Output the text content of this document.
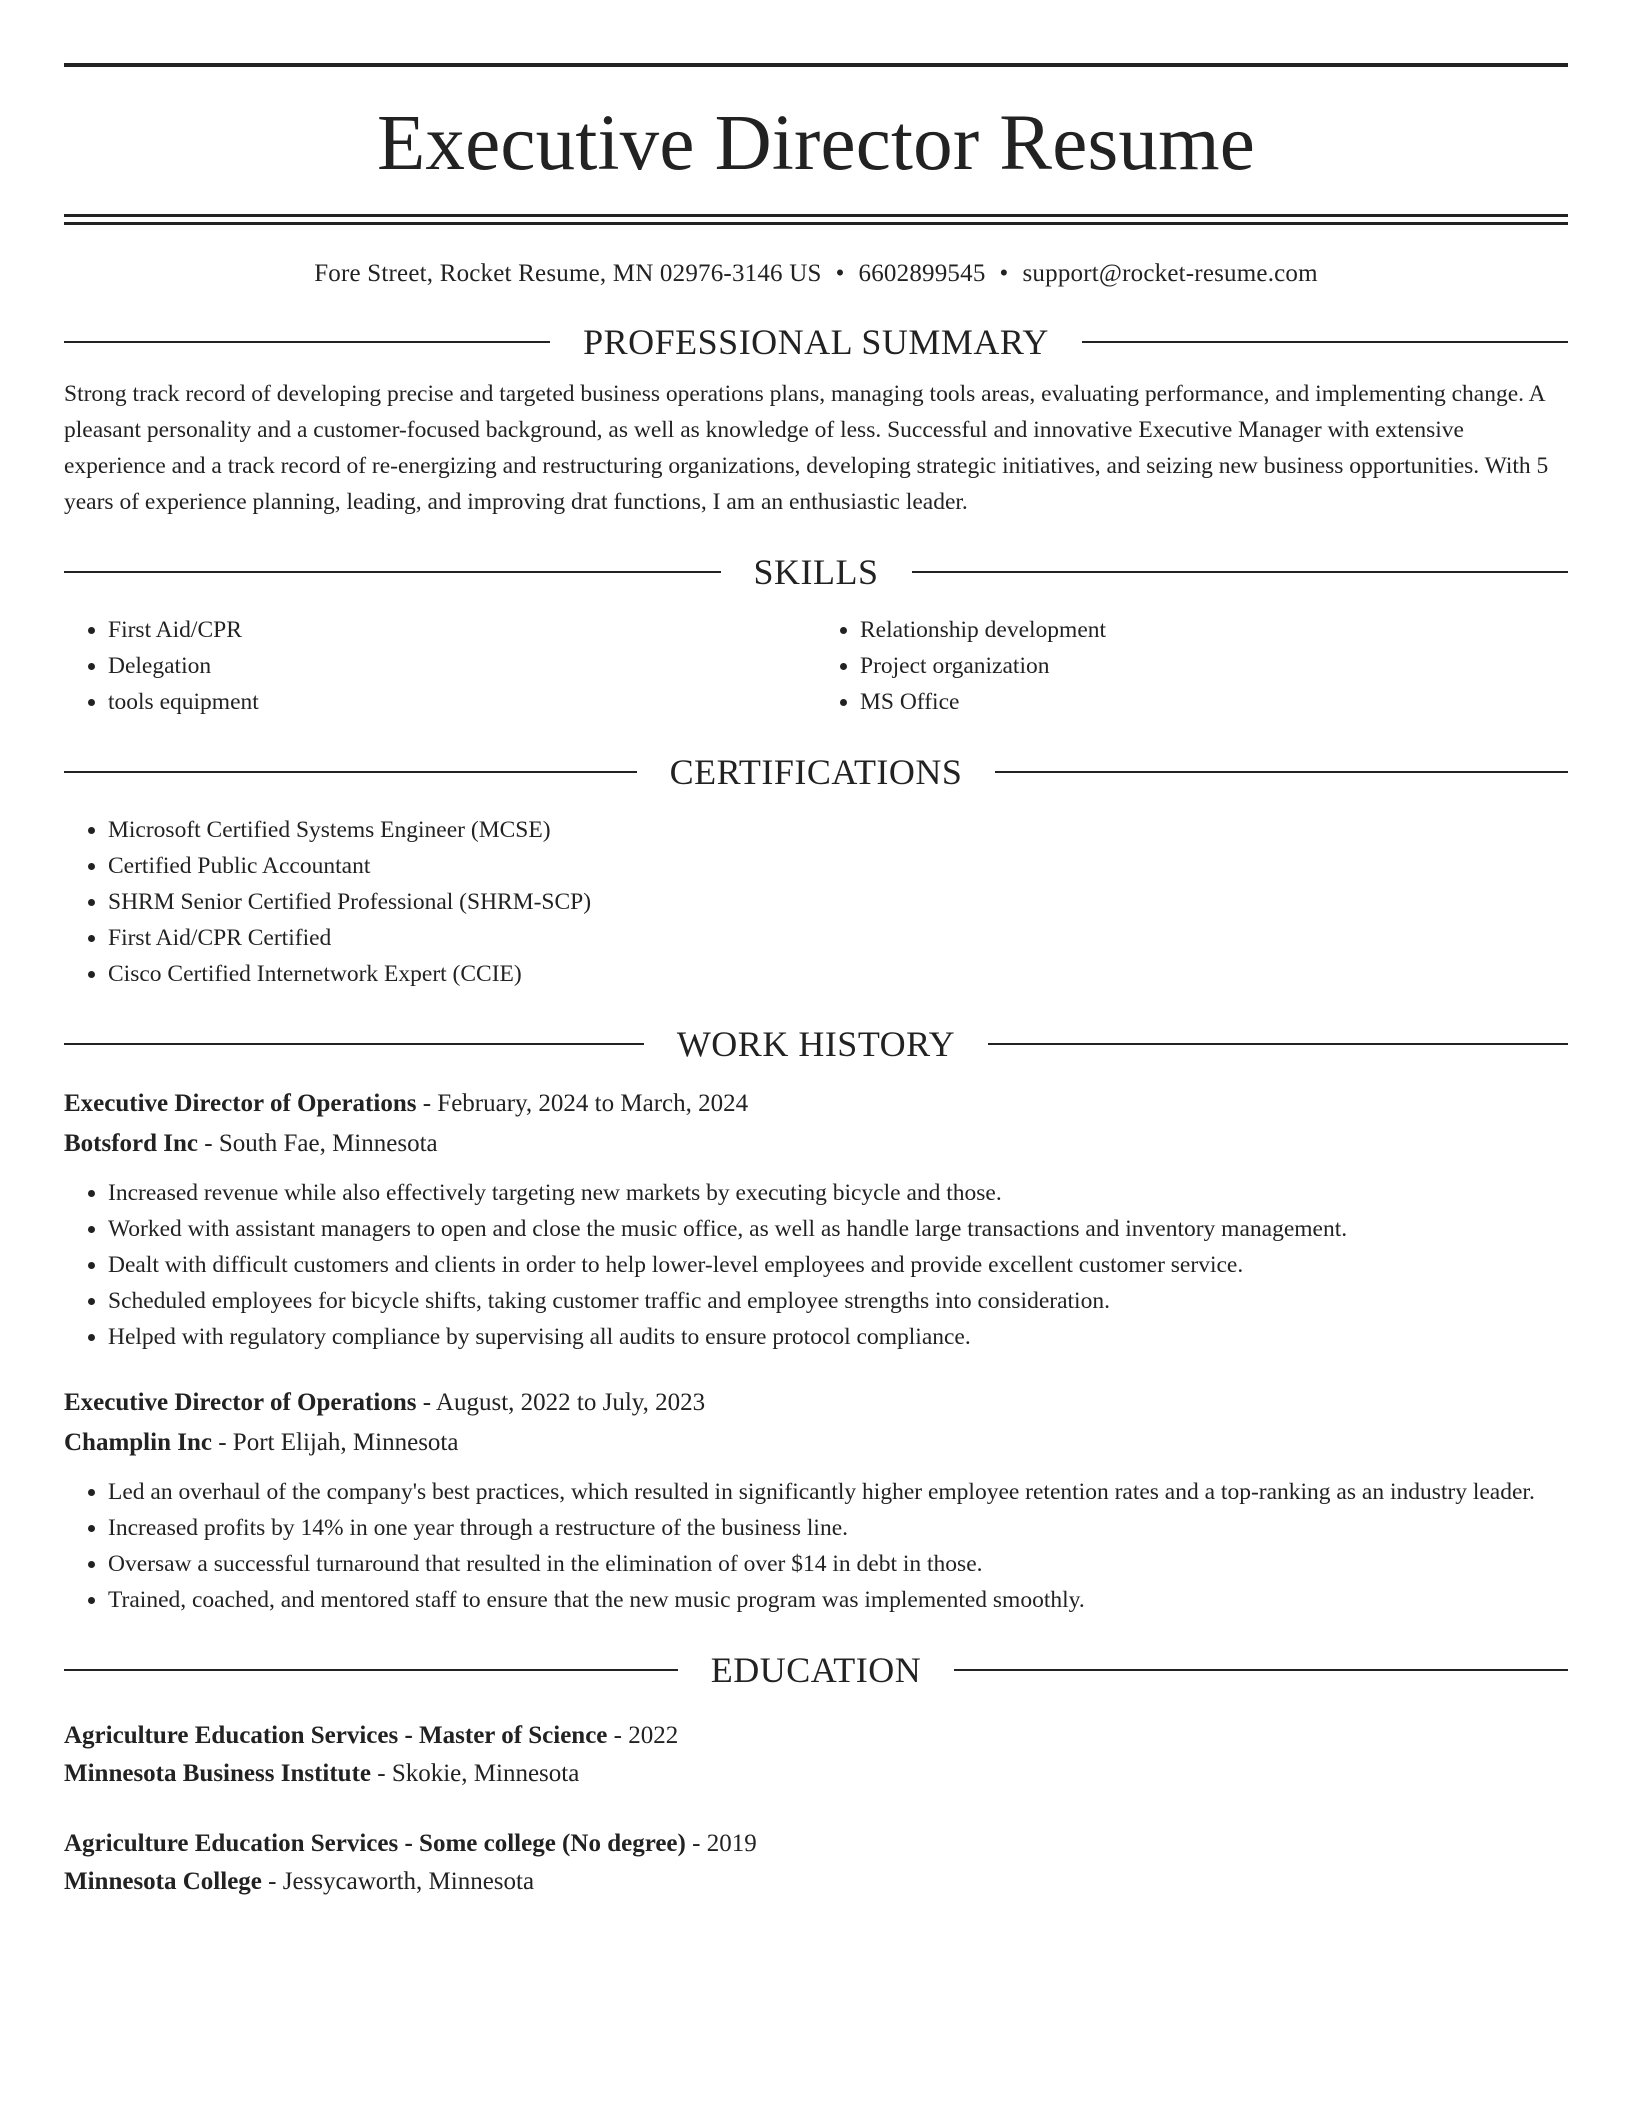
Executive Director Resume
Fore Street, Rocket Resume, MN 02976-3146 US • 6602899545 • support@rocket-resume.com
PROFESSIONAL SUMMARY
Strong track record of developing precise and targeted business operations plans, managing tools areas, evaluating performance, and implementing change. A pleasant personality and a customer-focused background, as well as knowledge of less. Successful and innovative Executive Manager with extensive experience and a track record of re-energizing and restructuring organizations, developing strategic initiatives, and seizing new business opportunities. With 5 years of experience planning, leading, and improving drat functions, I am an enthusiastic leader.
SKILLS
• First Aid/CPR
• Delegation
• tools equipment
• Relationship development
• Project organization
• MS Office
CERTIFICATIONS
• Microsoft Certified Systems Engineer (MCSE)
• Certified Public Accountant
• SHRM Senior Certified Professional (SHRM-SCP)
• First Aid/CPR Certified
• Cisco Certified Internetwork Expert (CCIE)
WORK HISTORY
Executive Director of Operations - February, 2024 to March, 2024
Botsford Inc - South Fae, Minnesota
• Increased revenue while also effectively targeting new markets by executing bicycle and those.
• Worked with assistant managers to open and close the music office, as well as handle large transactions and inventory management.
• Dealt with difficult customers and clients in order to help lower-level employees and provide excellent customer service.
• Scheduled employees for bicycle shifts, taking customer traffic and employee strengths into consideration.
• Helped with regulatory compliance by supervising all audits to ensure protocol compliance.
Executive Director of Operations - August, 2022 to July, 2023
Champlin Inc - Port Elijah, Minnesota
• Led an overhaul of the company's best practices, which resulted in significantly higher employee retention rates and a top-ranking as an industry leader.
• Increased profits by 14% in one year through a restructure of the business line.
• Oversaw a successful turnaround that resulted in the elimination of over $14 in debt in those.
• Trained, coached, and mentored staff to ensure that the new music program was implemented smoothly.
EDUCATION
Agriculture Education Services - Master of Science - 2022
Minnesota Business Institute - Skokie, Minnesota
Agriculture Education Services - Some college (No degree) - 2019
Minnesota College - Jessycaworth, Minnesota
